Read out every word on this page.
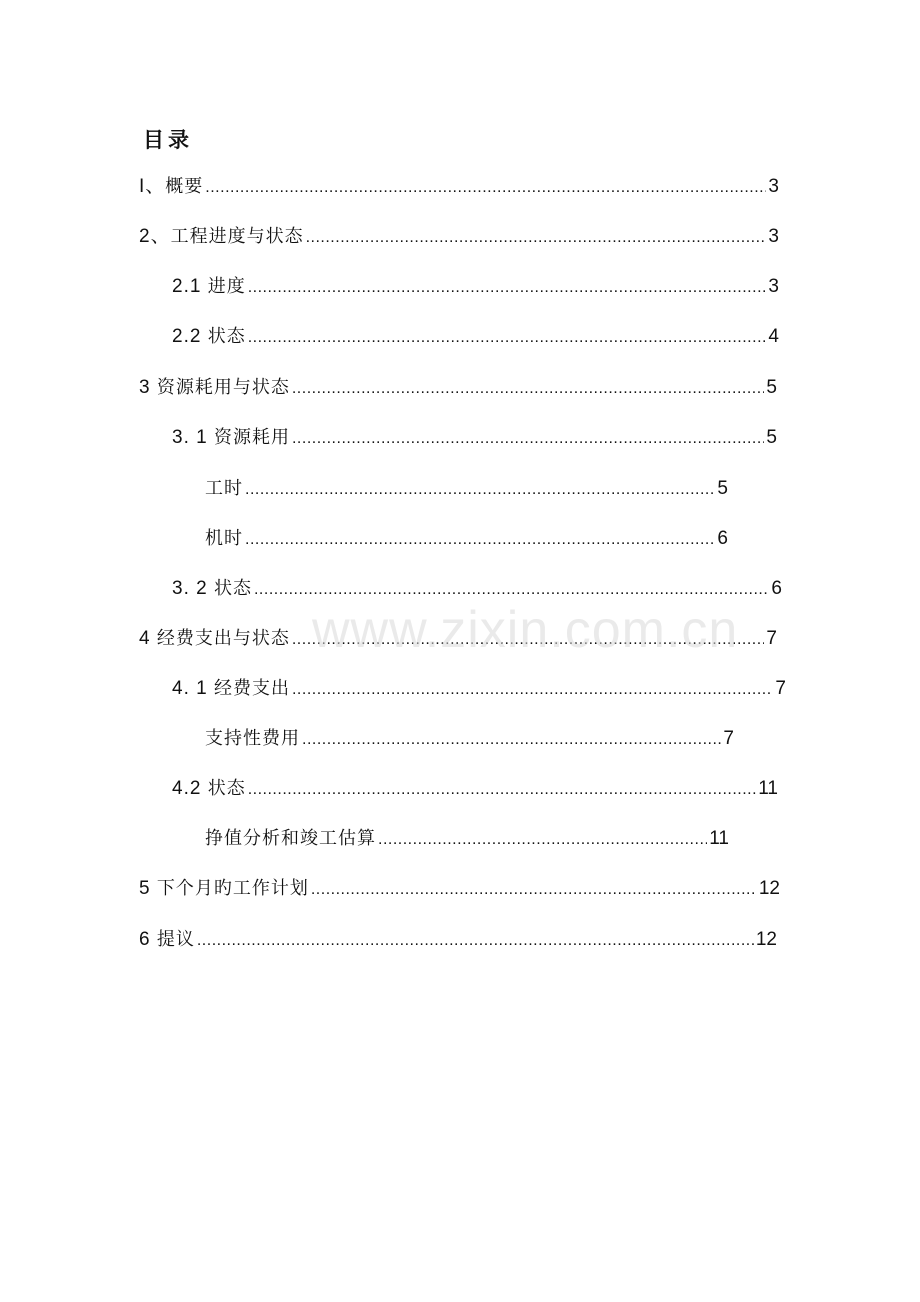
目录
I、概要 .....	3
2、工程进度与状态 .....	3
2.1 进度 .....	3
2.2 状态 .....	4
3 资源耗用与状态 .....	5
3. 1 资源耗用 .....	5
工时 .....	5
机时 .....	6
3. 2 状态 .....	6
4 经费支出与状态 .....	7
4. 1 经费支出 .....	7
支持性费用 .....	7
4.2 状态 .....	11
挣值分析和竣工估算 .....	11
5 下个月旳工作计划 .....	12
6 提议 .....	12
www.zixin.com.cn
